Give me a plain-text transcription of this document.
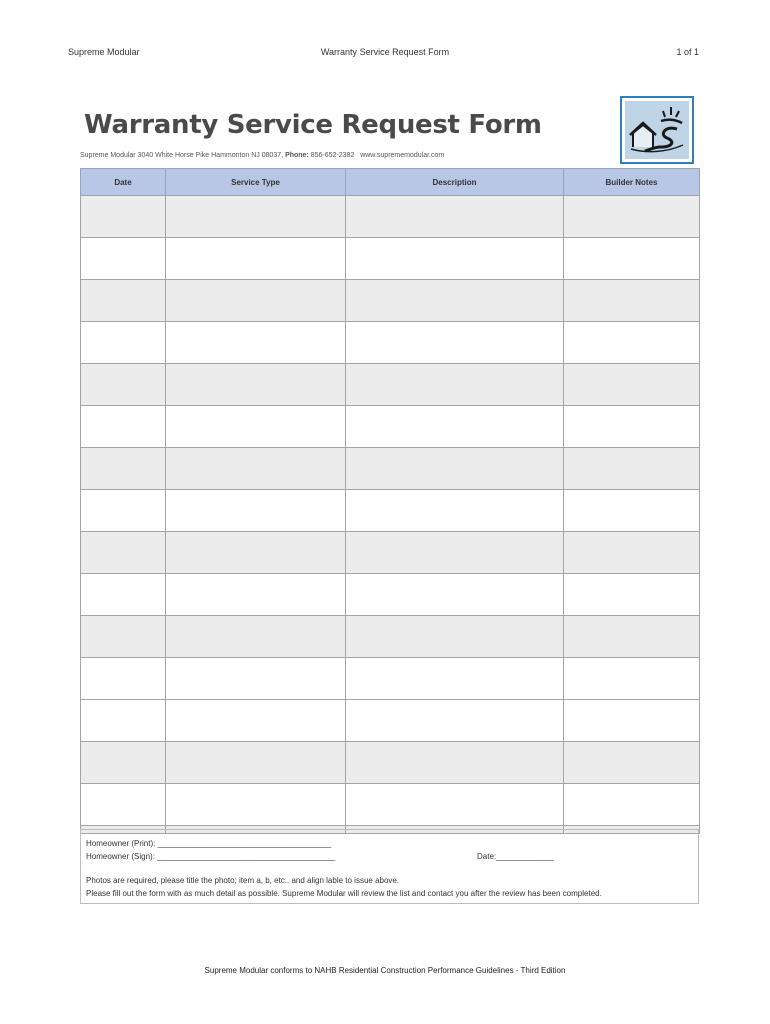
Supreme Modular	Warranty Service Request Form	1 of 1
Warranty Service Request Form
Supreme Modular 3040 White Horse Pike Hammonton NJ 08037, Phone: 856-652-2382 www.suprememodular.com
Date	Service Type	Description	Builder Notes

Homeowner (Print): _______________________________________
Homeowner (Sign): ________________________________________	Date:_____________
Photos are required, please title the photo; item a, b, etc.. and align lable to issue above.
Please fill out the form with as much detail as possible. Supreme Modular will review the list and contact you after the review has been completed.
Supreme Modular conforms to NAHB Residential Construction Performance Guidelines - Third Edition
